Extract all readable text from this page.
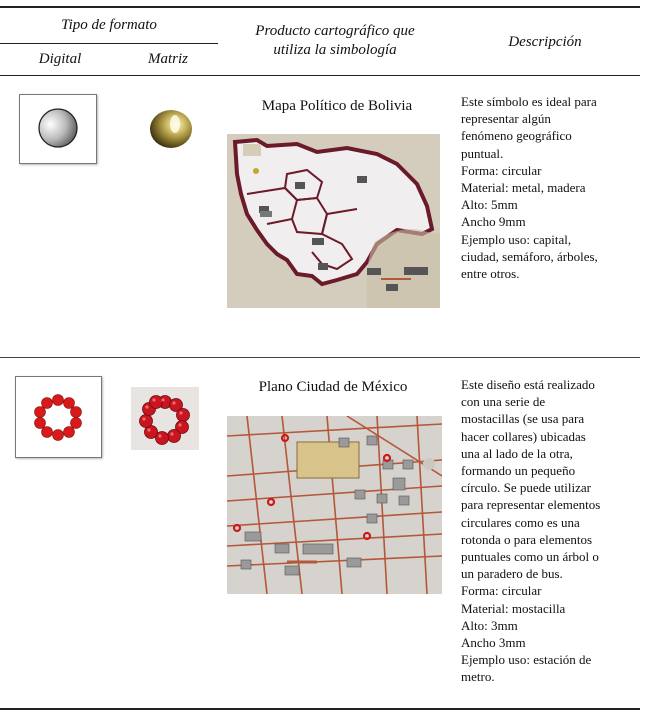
Tipo de formato
Digital	Matriz
Producto cartográfico que
utiliza la simbología	Descripción
Mapa Político de Bolivia	Este símbolo es ideal para
representar algún
fenómeno geográfico
puntual.
Forma: circular
Material: metal, madera
Alto: 5mm
Ancho 9mm
Ejemplo uso: capital,
ciudad, semáforo, árboles,
entre otros.
Plano Ciudad de México	Este diseño está realizado
con una serie de
mostacillas (se usa para
hacer collares) ubicadas
una al lado de la otra,
formando un pequeño
círculo. Se puede utilizar
para representar elementos
circulares como es una
rotonda o para elementos
puntuales como un árbol o
un paradero de bus.
Forma: circular
Material: mostacilla
Alto: 3mm
Ancho 3mm
Ejemplo uso: estación de
metro.
